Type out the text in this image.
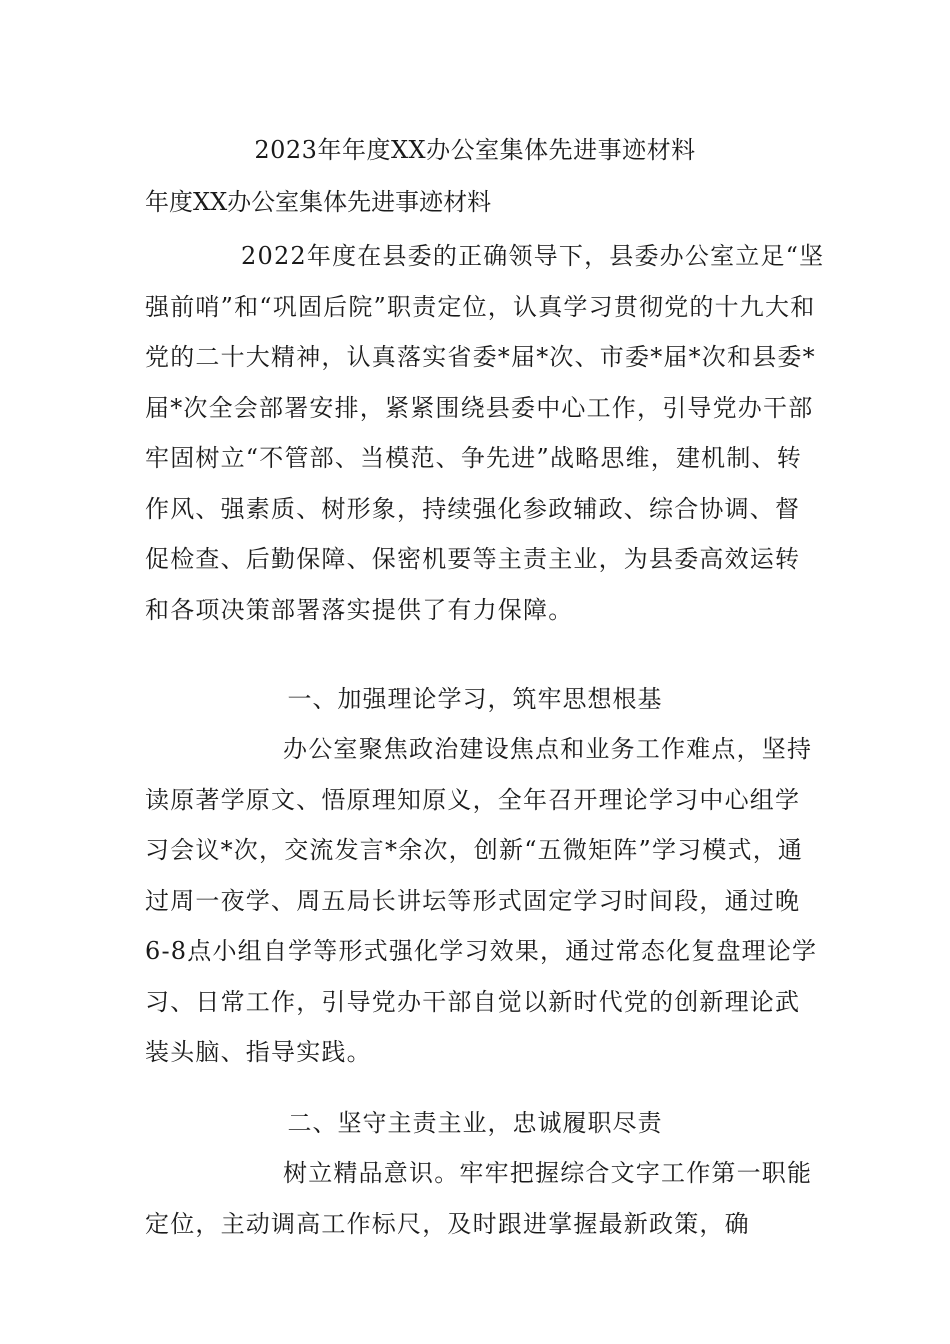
2023年年度XX办公室集体先进事迹材料
年度XX办公室集体先进事迹材料

2022年度在县委的正确领导下，县委办公室立足“坚强前哨”和“巩固后院”职责定位，认真学习贯彻党的十九大和党的二十大精神，认真落实省委*届*次、市委*届*次和县委*届*次全会部署安排，紧紧围绕县委中心工作，引导党办干部牢固树立“不管部、当模范、争先进”战略思维，建机制、转作风、强素质、树形象，持续强化参政辅政、综合协调、督促检查、后勤保障、保密机要等主责主业，为县委高效运转和各项决策部署落实提供了有力保障。

一、加强理论学习，筑牢思想根基

办公室聚焦政治建设焦点和业务工作难点，坚持读原著学原文、悟原理知原义，全年召开理论学习中心组学习会议*次，交流发言*余次，创新“五微矩阵”学习模式，通过周一夜学、周五局长讲坛等形式固定学习时间段，通过晚6-8点小组自学等形式强化学习效果，通过常态化复盘理论学习、日常工作，引导党办干部自觉以新时代党的创新理论武装头脑、指导实践。

二、坚守主责主业，忠诚履职尽责

树立精品意识。牢牢把握综合文字工作第一职能定位，主动调高工作标尺，及时跟进掌握最新政策，确
